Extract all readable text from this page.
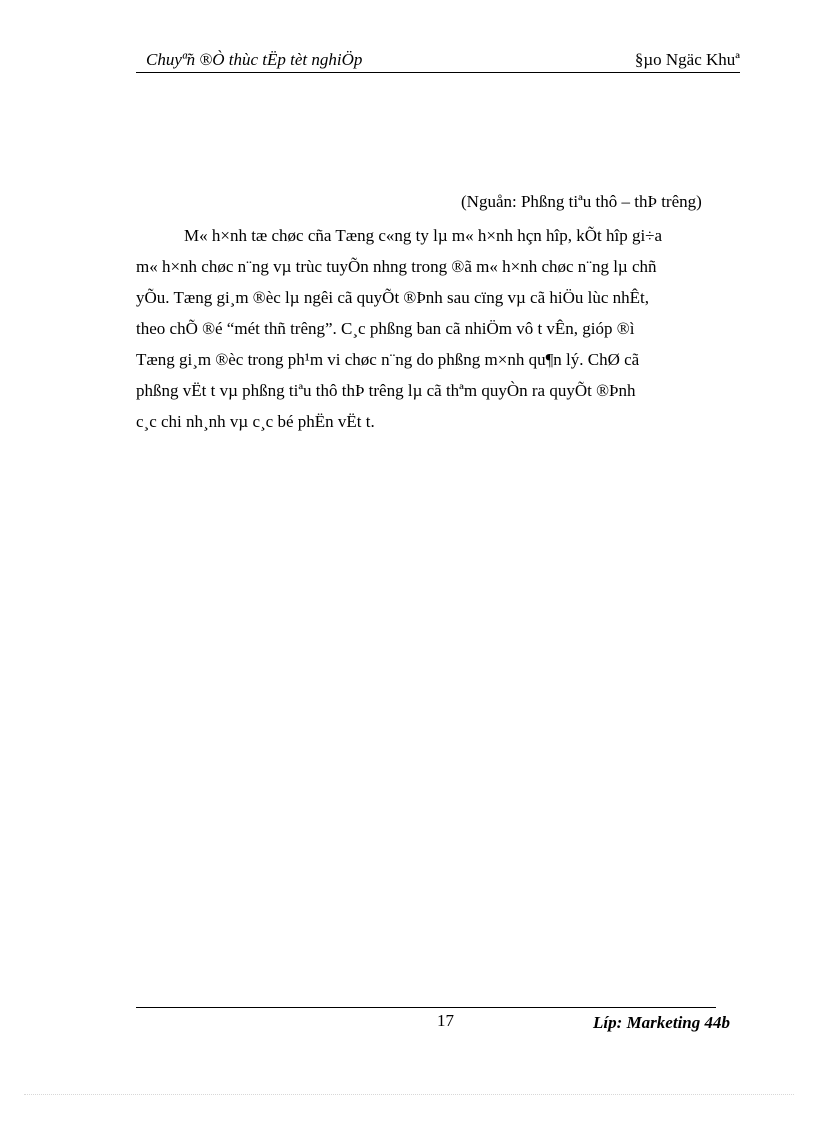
Chuyª̃n ®Ò thùc tËp tèt nghiÖp	§µo Ngäc Khuª
(Nguån: Phßng tiªu thô – thÞ trêng)
M« h×nh tæ chøc cña Tæng c«ng ty lµ m« h×nh hçn hîp, kÕt hîp gi÷a
m« h×nh chøc n¨ng vµ trùc tuyÕn nhng trong ®ã m« h×nh chøc n¨ng lµ chñ
yÕu. Tæng gi¸m ®èc lµ ngêi cã quyÕt ®Þnh sau cïng vµ cã hiÖu lùc nhÊt,
theo chÕ ®é “mét thñ trêng”. C¸c phßng ban cã nhiÖm vô t vÊn, gióp ®ì
Tæng gi¸m ®èc trong ph¹m vi chøc n¨ng do phßng m×nh qu¶n lý. ChØ cã
phßng vËt t vµ phßng tiªu thô thÞ trêng lµ cã thªm quyÒn ra quyÕt ®Þnh
c¸c chi nh¸nh vµ c¸c bé phËn vËt t.
17	Líp: Marketing 44b
